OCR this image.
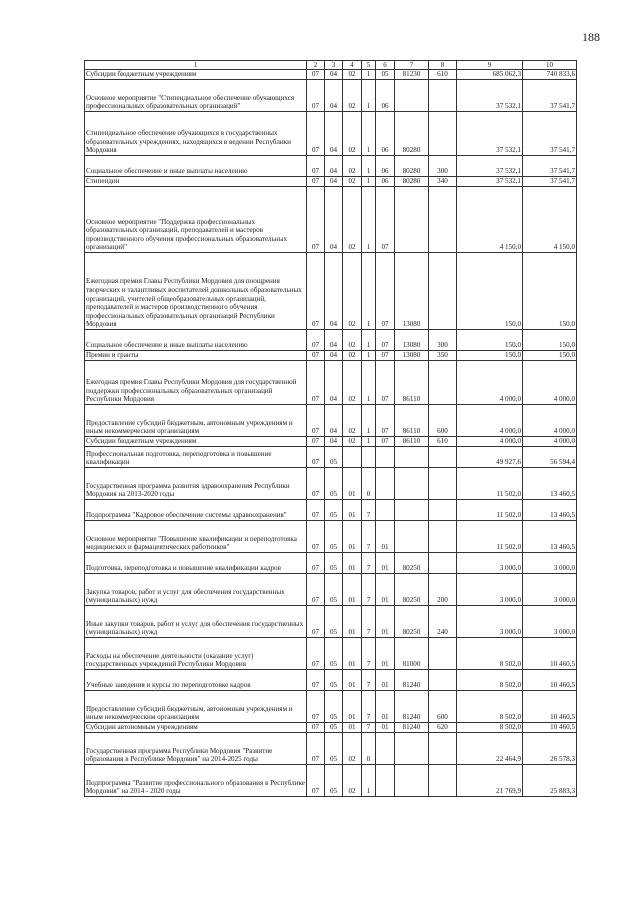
188
1	2	3	4	5	6	7	8	9	10
Субсидии бюджетным учреждениям	07	04	02	1	05	81230	610	685 062,3	740 833,6
Основное мероприятие "Стипендиальное обеспечение обучающихся профессиональных образовательных организаций"	07	04	02	1	06			37 532,1	37 541,7
Стипендиальное обеспечение обучающихся в государственных образовательных учреждениях, находящихся в ведении Республики Мордовия	07	04	02	1	06	80280		37 532,1	37 541,7
Социальное обеспечение и иные выплаты населению	07	04	02	1	06	80280	300	37 532,1	37 541,7
Стипендии	07	04	02	1	06	80280	340	37 532,1	37 541,7
Основное мероприятие "Поддержка профессиональных образовательных организаций, преподавателей и мастеров производственного обучения профессиональных образовательных организаций"	07	04	02	1	07			4 150,0	4 150,0
Ежегодная премия Главы Республики Мордовия для поощрения творческих и талантливых воспитателей дошкольных образовательных организаций, учителей общеобразовательных организаций, преподавателей и мастеров производственного обучения профессиональных образовательных организаций Республики Мордовия	07	04	02	1	07	13080		150,0	150,0
Социальное обеспечение и иные выплаты населению	07	04	02	1	07	13080	300	150,0	150,0
Премии и гранты	07	04	02	1	07	13080	350	150,0	150,0
Ежегодная премия Главы Республики Мордовия для государственной поддержки профессиональных образовательных организаций Республики Мордовия	07	04	02	1	07	86110		4 000,0	4 000,0
Предоставление субсидий бюджетным, автономным учреждениям и иным некоммерческим организациям	07	04	02	1	07	86110	600	4 000,0	4 000,0
Субсидии бюджетным учреждениям	07	04	02	1	07	86110	610	4 000,0	4 000,0
Профессиональная подготовка, переподготовка и повышение квалификации	07	05						49 927,6	56 594,4
Государственная программа развития здравоохранения Республики Мордовия на 2013-2020 годы	07	05	01	0				11 502,0	13 460,5
Подпрограмма "Кадровое обеспечение системы здравоохранения"	07	05	01	7				11 502,0	13 460,5
Основное мероприятие "Повышение квалификации и переподготовка медицинских и фармацевтических работников"	07	05	01	7	01			11 502,0	13 460,5
Подготовка, переподготовка и повышение квалификации кадров	07	05	01	7	01	80250		3 000,0	3 000,0
Закупка товаров, работ и услуг для обеспечения государственных (муниципальных) нужд	07	05	01	7	01	80250	200	3 000,0	3 000,0
Иные закупки товаров, работ и услуг для обеспечения государственных (муниципальных) нужд	07	05	01	7	01	80250	240	3 000,0	3 000,0
Расходы на обеспечение деятельности (оказание услуг) государственных учреждений Республики Мордовия	07	05	01	7	01	81000		8 502,0	10 460,5
Учебные заведения и курсы по переподготовке кадров	07	05	01	7	01	81240		8 502,0	10 460,5
Предоставление субсидий бюджетным, автономным учреждениям и иным некоммерческим организациям	07	05	01	7	01	81240	600	8 502,0	10 460,5
Субсидии автономным учреждениям	07	05	01	7	01	81240	620	8 502,0	10 460,5
Государственная программа Республики Мордовия "Развитие образования в Республике Мордовия" на 2014-2025 годы	07	05	02	0				22 464,9	26 578,3
Подпрограмма "Развитие профессионального образования в Республике Мордовия" на 2014 - 2020 годы	07	05	02	1				21 769,9	25 883,3
